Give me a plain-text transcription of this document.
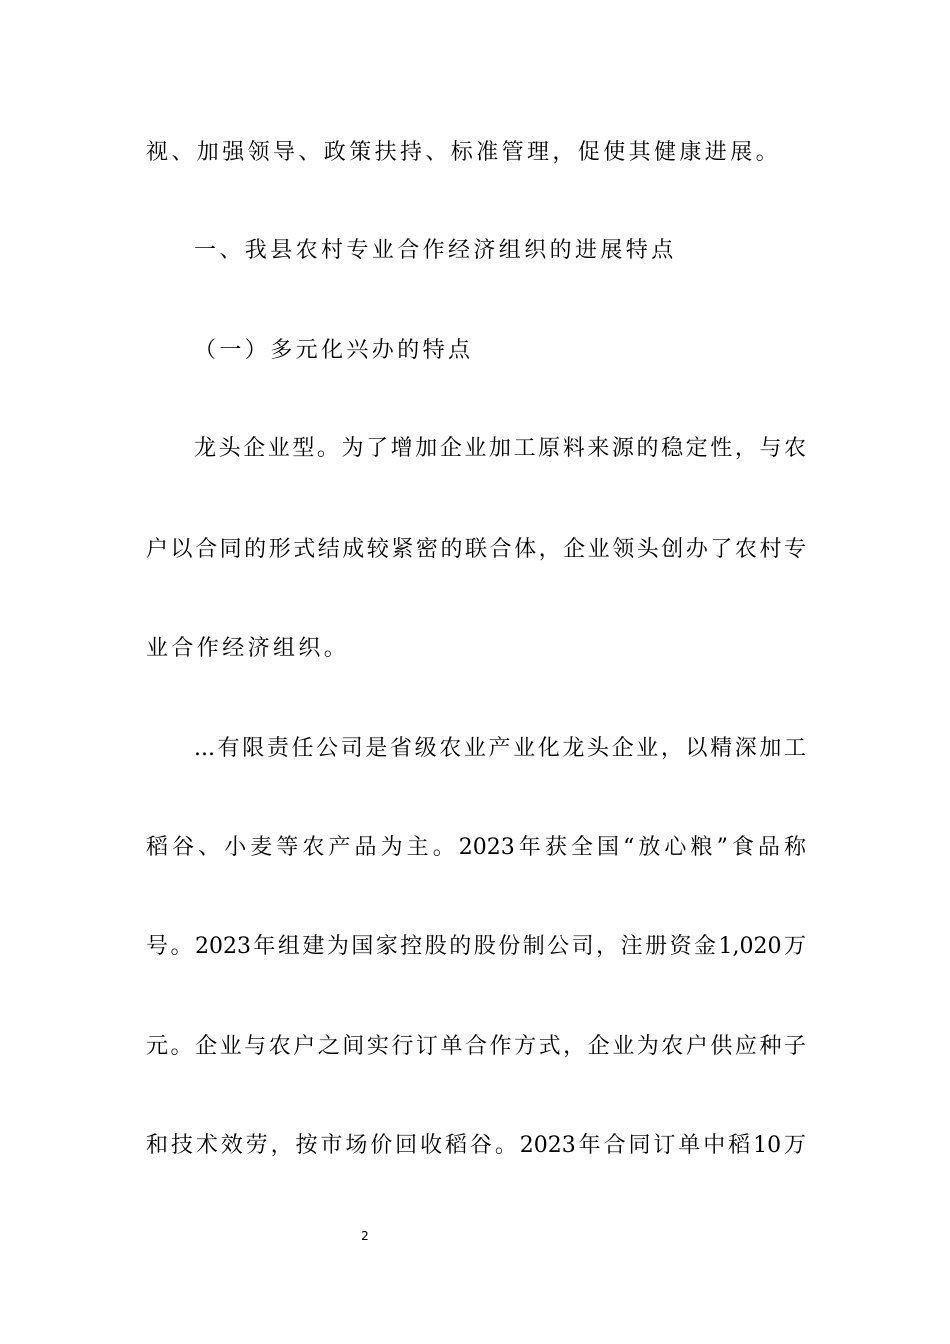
视、加强领导、政策扶持、标准管理，促使其健康进展。
一、我县农村专业合作经济组织的进展特点
（一）多元化兴办的特点
龙头企业型。为了增加企业加工原料来源的稳定性，与农
户以合同的形式结成较紧密的联合体，企业领头创办了农村专
业合作经济组织。
...有限责任公司是省级农业产业化龙头企业，以精深加工
稻谷、小麦等农产品为主。2023年获全国“放心粮”食品称
号。2023年组建为国家控股的股份制公司，注册资金1,020万
元。企业与农户之间实行订单合作方式，企业为农户供应种子
和技术效劳，按市场价回收稻谷。2023年合同订单中稻10万
2
